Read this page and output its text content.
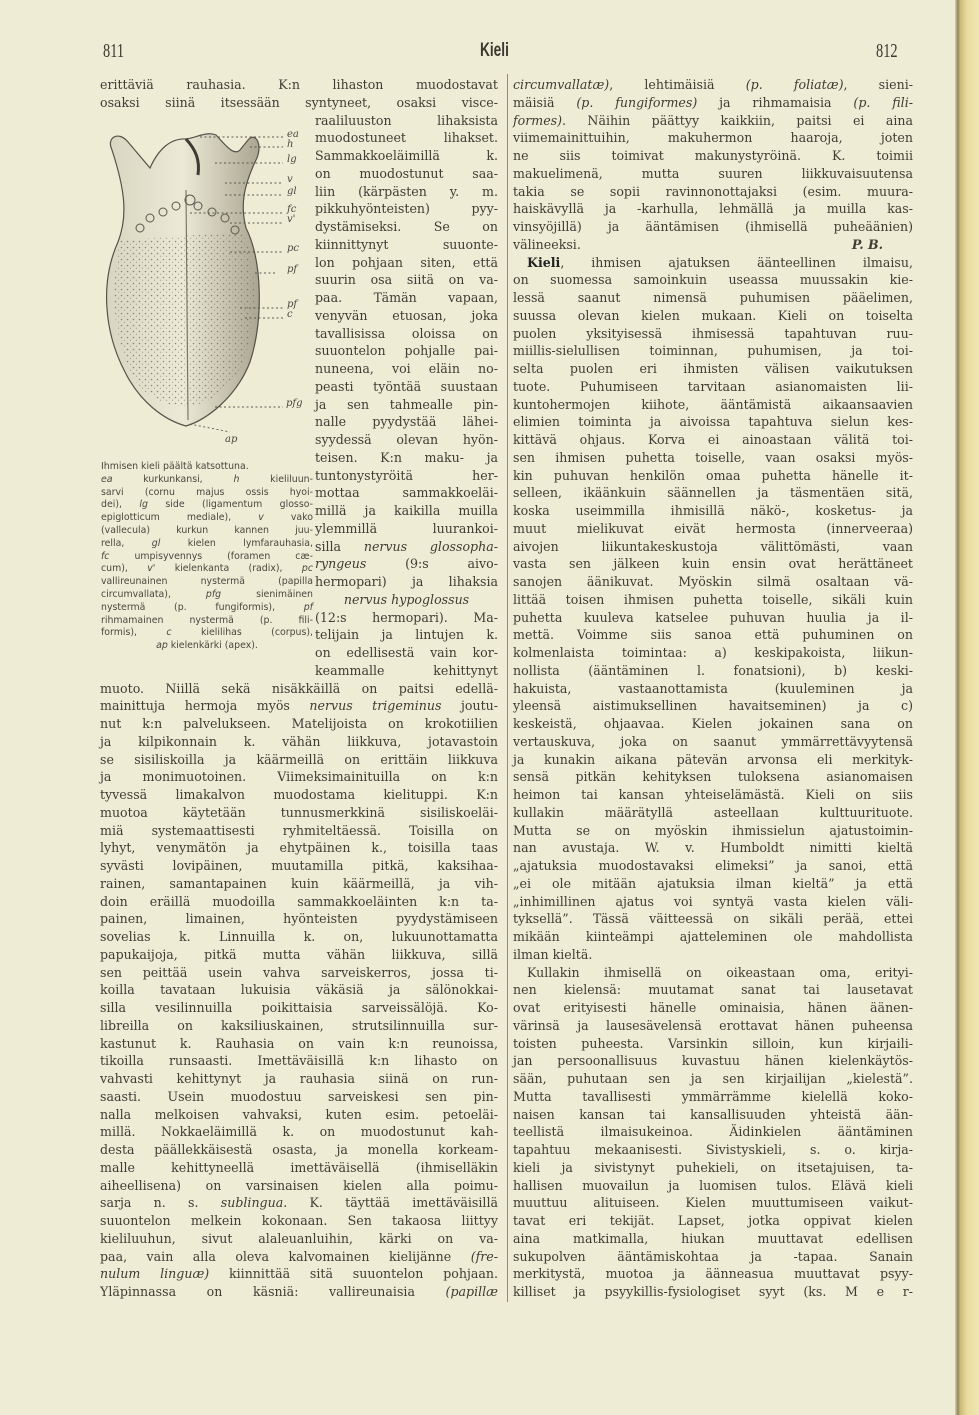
811	Kieli	812
ea
h
lg
v
gl
fc
v'
pc
pf
pf
c
pfg
ap
Ihmisen kieli päältä katsottuna.
ea kurkunkansi, h kieliluun-
sarvi (cornu majus ossis hyoi-
dei), lg side (ligamentum glosso-
epiglotticum mediale), v vako
(vallecula) kurkun kannen juu-
rella, gl kielen lymfarauhasia,
fc umpisyvennys (foramen cæ-
cum), v' kielenkanta (radix), pc
vallireunainen nystermä (papilla
circumvallata), pfg sienimäinen
nystermä (p. fungiformis), pf
rihmamainen nystermä (p. fili-
formis), c kielilihas (corpus),
ap kielenkärki (apex).
erittäviä rauhasia. K:n lihaston muodostavat
osaksi siinä itsessään syntyneet, osaksi visce-
raaliluuston lihaksista
muodostuneet lihakset.
Sammakkoeläimillä k.
on muodostunut saa-
liin (kärpästen y. m.
pikkuhyönteisten) pyy-
dystämiseksi. Se on
kiinnittynyt suuonte-
lon pohjaan siten, että
suurin osa siitä on va-
paa. Tämän vapaan,
venyvän etuosan, joka
tavallisissa oloissa on
suuontelon pohjalle pai-
nuneena, voi eläin no-
peasti työntää suustaan
ja sen tahmealle pin-
nalle pyydystää lähei-
syydessä olevan hyön-
teisen. K:n maku- ja
tuntonystyröitä her-
mottaa sammakkoeläi-
millä ja kaikilla muilla
ylemmillä luurankoi-
silla nervus glossopha-
ryngeus (9:s aivo-
hermopari) ja lihaksia
nervus hypoglossus
(12:s hermopari). Ma-
telijain ja lintujen k.
on edellisestä vain kor-
keammalle kehittynyt
muoto. Niillä sekä nisäkkäillä on paitsi edellä-
mainittuja hermoja myös nervus trigeminus joutu-
nut k:n palvelukseen. Matelijoista on krokotiilien
ja kilpikonnain k. vähän liikkuva, jotavastoin
se sisiliskoilla ja käärmeillä on erittäin liikkuva
ja monimuotoinen. Viimeksimainituilla on k:n
tyvessä limakalvon muodostama kielituppi. K:n
muotoa käytetään tunnusmerkkinä sisiliskoeläi-
miä systemaattisesti ryhmiteltäessä. Toisilla on
lyhyt, venymätön ja ehytpäinen k., toisilla taas
syvästi lovipäinen, muutamilla pitkä, kaksihaa-
rainen, samantapainen kuin käärmeillä, ja vih-
doin eräillä muodoilla sammakkoeläinten k:n ta-
painen, limainen, hyönteisten pyydystämiseen
sovelias k. Linnuilla k. on, lukuunottamatta
papukaijoja, pitkä mutta vähän liikkuva, sillä
sen peittää usein vahva sarveiskerros, jossa ti-
koilla tavataan lukuisia väkäsiä ja sälönokkai-
silla vesilinnuilla poikittaisia sarveissälöjä. Ko-
libreilla on kaksiliuskainen, strutsilinnuilla sur-
kastunut k. Rauhasia on vain k:n reunoissa,
tikoilla runsaasti. Imettäväisillä k:n lihasto on
vahvasti kehittynyt ja rauhasia siinä on run-
saasti. Usein muodostuu sarveiskesi sen pin-
nalla melkoisen vahvaksi, kuten esim. petoeläi-
millä. Nokkaeläimillä k. on muodostunut kah-
desta päällekkäisestä osasta, ja monella korkeam-
malle kehittyneellä imettäväisellä (ihmiselläkin
aiheellisena) on varsinaisen kielen alla poimu-
sarja n. s. sublingua. K. täyttää imettäväisillä
suuontelon melkein kokonaan. Sen takaosa liittyy
kieliluuhun, sivut alaleuanluihin, kärki on va-
paa, vain alla oleva kalvomainen kielijänne (fre-
nulum linguæ) kiinnittää sitä suuontelon pohjaan.
Yläpinnassa on käsniä: vallireunaisia (papillæ
circumvallatæ), lehtimäisiä (p. foliatæ), sieni-
mäisiä (p. fungiformes) ja rihmamaisia (p. fili-
formes). Näihin päättyy kaikkiin, paitsi ei aina
viimemainittuihin, makuhermon haaroja, joten
ne siis toimivat makunystyröinä. K. toimii
makuelimenä, mutta suuren liikkuvaisuutensa
takia se sopii ravinnonottajaksi (esim. muura-
haiskävyllä ja -karhulla, lehmällä ja muilla kas-
vinsyöjillä) ja ääntämisen (ihmisellä puheäänien)
välineeksi.	P. B.
Kieli, ihmisen ajatuksen äänteellinen ilmaisu,
on suomessa samoinkuin useassa muussakin kie-
lessä saanut nimensä puhumisen pääelimen,
suussa olevan kielen mukaan. Kieli on toiselta
puolen yksityisessä ihmisessä tapahtuvan ruu-
miillis-sielullisen toiminnan, puhumisen, ja toi-
selta puolen eri ihmisten välisen vaikutuksen
tuote. Puhumiseen tarvitaan asianomaisten lii-
kuntohermojen kiihote, ääntämistä aikaansaavien
elimien toiminta ja aivoissa tapahtuva sielun kes-
kittävä ohjaus. Korva ei ainoastaan välitä toi-
sen ihmisen puhetta toiselle, vaan osaksi myös-
kin puhuvan henkilön omaa puhetta hänelle it-
selleen, ikäänkuin säännellen ja täsmentäen sitä,
koska useimmilla ihmisillä näkö-, kosketus- ja
muut mielikuvat eivät hermosta (innerveeraa)
aivojen liikuntakeskustoja välittömästi, vaan
vasta sen jälkeen kuin ensin ovat herättäneet
sanojen äänikuvat. Myöskin silmä osaltaan vä-
littää toisen ihmisen puhetta toiselle, sikäli kuin
puhetta kuuleva katselee puhuvan huulia ja il-
mettä. Voimme siis sanoa että puhuminen on
kolmenlaista toimintaa: a) keskipakoista, liikun-
nollista (ääntäminen l. fonatsioni), b) keski-
hakuista, vastaanottamista (kuuleminen ja
yleensä aistimuksellinen havaitseminen) ja c)
keskeistä, ohjaavaa. Kielen jokainen sana on
vertauskuva, joka on saanut ymmärrettävyytensä
ja kunakin aikana pätevän arvonsa eli merkityk-
sensä pitkän kehityksen tuloksena asianomaisen
heimon tai kansan yhteiselämästä. Kieli on siis
kullakin määrätyllä asteellaan kulttuurituote.
Mutta se on myöskin ihmissielun ajatustoimin-
nan avustaja. W. v. Humboldt nimitti kieltä
„ajatuksia muodostavaksi elimeksi” ja sanoi, että
„ei ole mitään ajatuksia ilman kieltä” ja että
„inhimillinen ajatus voi syntyä vasta kielen väli-
tyksellä”. Tässä väitteessä on sikäli perää, ettei
mikään kiinteämpi ajatteleminen ole mahdollista
ilman kieltä.
Kullakin ihmisellä on oikeastaan oma, erityi-
nen kielensä: muutamat sanat tai lausetavat
ovat erityisesti hänelle ominaisia, hänen äänen-
värinsä ja lausesävelensä erottavat hänen puheensa
toisten puheesta. Varsinkin silloin, kun kirjaili-
jan persoonallisuus kuvastuu hänen kielenkäytös-
sään, puhutaan sen ja sen kirjailijan „kielestä”.
Mutta tavallisesti ymmärrämme kielellä koko-
naisen kansan tai kansallisuuden yhteistä ään-
teellistä ilmaisukeinoa. Äidinkielen ääntäminen
tapahtuu mekaanisesti. Sivistyskieli, s. o. kirja-
kieli ja sivistynyt puhekieli, on itsetajuisen, ta-
hallisen muovailun ja luomisen tulos. Elävä kieli
muuttuu alituiseen. Kielen muuttumiseen vaikut-
tavat eri tekijät. Lapset, jotka oppivat kielen
aina matkimalla, hiukan muuttavat edellisen
sukupolven ääntämiskohtaa ja -tapaa. Sanain
merkitystä, muotoa ja äänneasua muuttavat psyy-
killiset ja psyykillis-fysiologiset syyt (ks. M e r-
